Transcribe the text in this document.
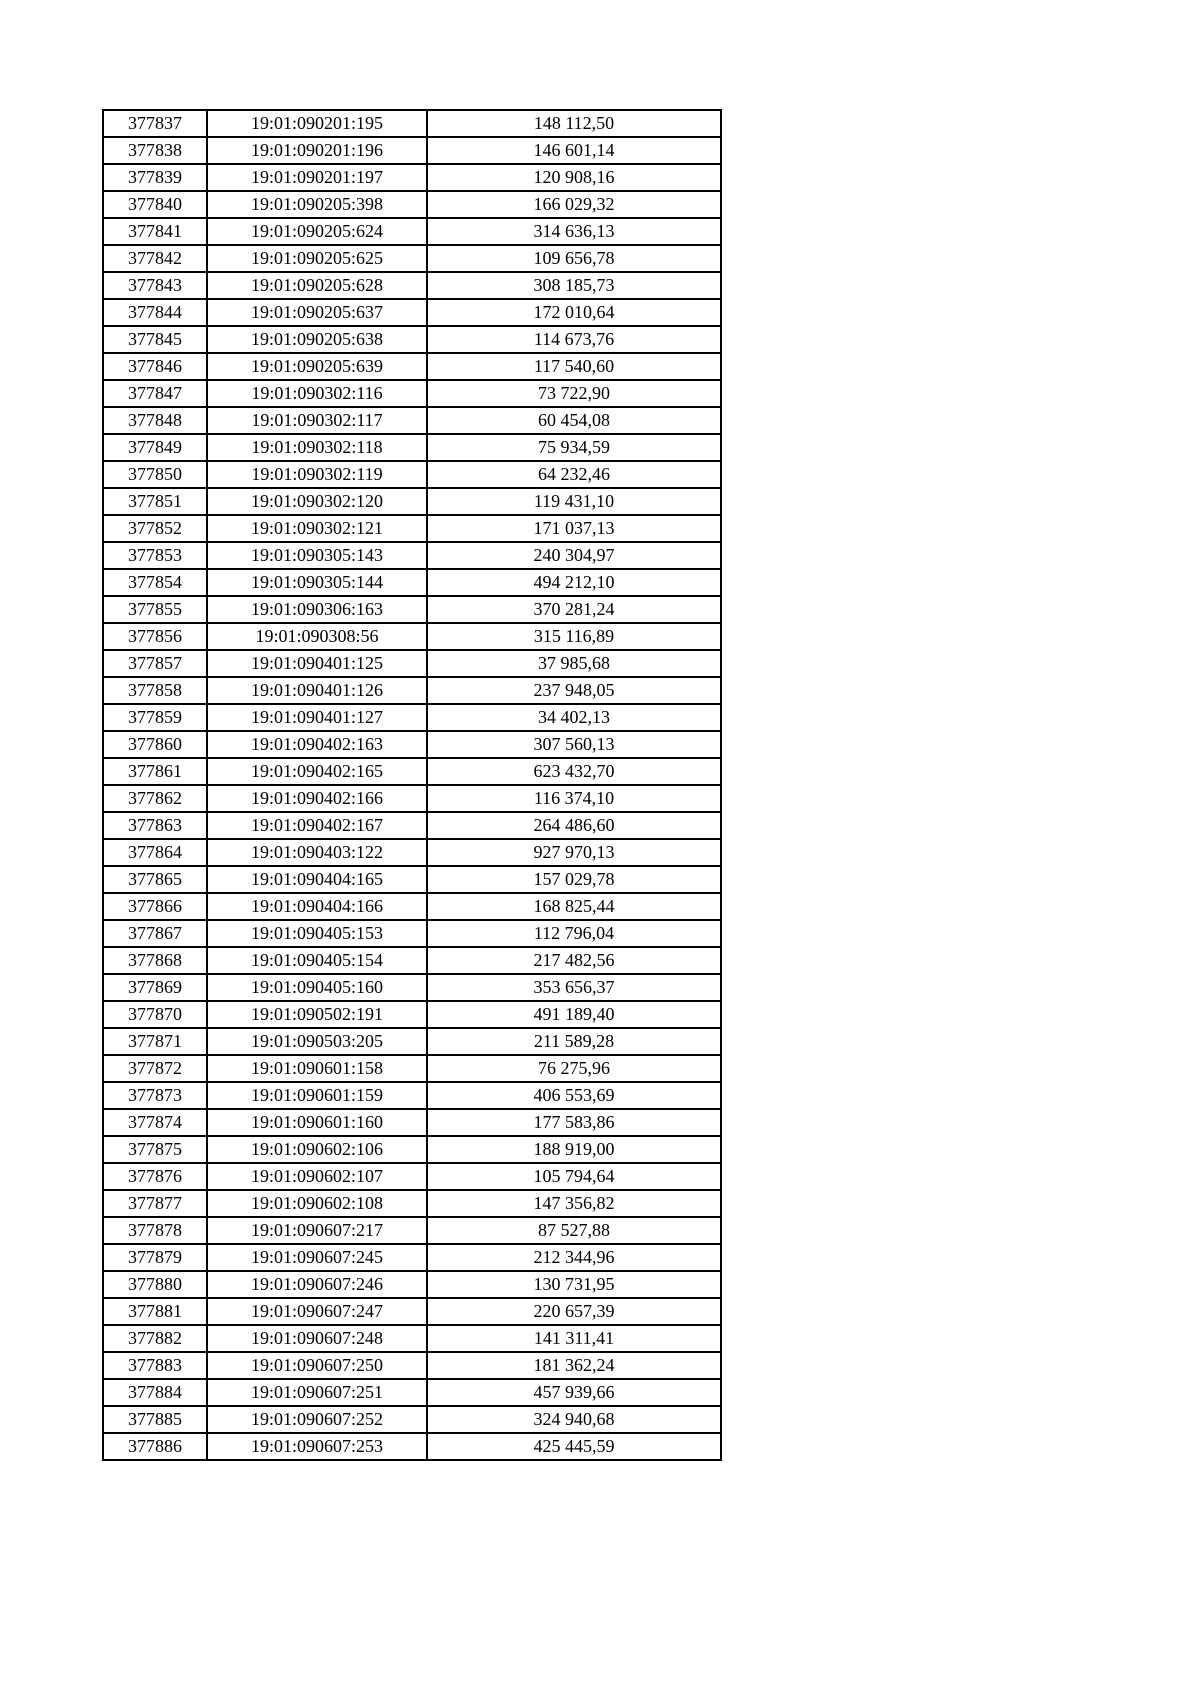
377837	19:01:090201:195	148 112,50
377838	19:01:090201:196	146 601,14
377839	19:01:090201:197	120 908,16
377840	19:01:090205:398	166 029,32
377841	19:01:090205:624	314 636,13
377842	19:01:090205:625	109 656,78
377843	19:01:090205:628	308 185,73
377844	19:01:090205:637	172 010,64
377845	19:01:090205:638	114 673,76
377846	19:01:090205:639	117 540,60
377847	19:01:090302:116	73 722,90
377848	19:01:090302:117	60 454,08
377849	19:01:090302:118	75 934,59
377850	19:01:090302:119	64 232,46
377851	19:01:090302:120	119 431,10
377852	19:01:090302:121	171 037,13
377853	19:01:090305:143	240 304,97
377854	19:01:090305:144	494 212,10
377855	19:01:090306:163	370 281,24
377856	19:01:090308:56	315 116,89
377857	19:01:090401:125	37 985,68
377858	19:01:090401:126	237 948,05
377859	19:01:090401:127	34 402,13
377860	19:01:090402:163	307 560,13
377861	19:01:090402:165	623 432,70
377862	19:01:090402:166	116 374,10
377863	19:01:090402:167	264 486,60
377864	19:01:090403:122	927 970,13
377865	19:01:090404:165	157 029,78
377866	19:01:090404:166	168 825,44
377867	19:01:090405:153	112 796,04
377868	19:01:090405:154	217 482,56
377869	19:01:090405:160	353 656,37
377870	19:01:090502:191	491 189,40
377871	19:01:090503:205	211 589,28
377872	19:01:090601:158	76 275,96
377873	19:01:090601:159	406 553,69
377874	19:01:090601:160	177 583,86
377875	19:01:090602:106	188 919,00
377876	19:01:090602:107	105 794,64
377877	19:01:090602:108	147 356,82
377878	19:01:090607:217	87 527,88
377879	19:01:090607:245	212 344,96
377880	19:01:090607:246	130 731,95
377881	19:01:090607:247	220 657,39
377882	19:01:090607:248	141 311,41
377883	19:01:090607:250	181 362,24
377884	19:01:090607:251	457 939,66
377885	19:01:090607:252	324 940,68
377886	19:01:090607:253	425 445,59
